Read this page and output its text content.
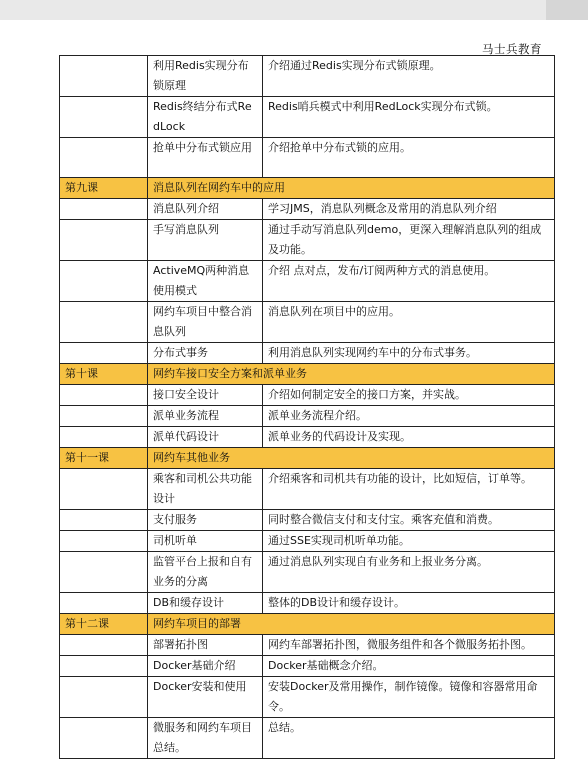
马士兵教育
	利用Redis实现分布锁原理	介绍通过Redis实现分布式锁原理。
	Redis终结分布式RedLock	Redis哨兵模式中利用RedLock实现分布式锁。
	抢单中分布式锁应用	介绍抢单中分布式锁的应用。
第九课	消息队列在网约车中的应用	
	消息队列介绍	学习JMS，消息队列概念及常用的消息队列介绍
	手写消息队列	通过手动写消息队列demo，更深入理解消息队列的组成及功能。
	ActiveMQ两种消息使用模式	介绍 点对点，发布/订阅两种方式的消息使用。
	网约车项目中整合消息队列	消息队列在项目中的应用。
	分布式事务	利用消息队列实现网约车中的分布式事务。
第十课	网约车接口安全方案和派单业务	
	接口安全设计	介绍如何制定安全的接口方案，并实战。
	派单业务流程	派单业务流程介绍。
	派单代码设计	派单业务的代码设计及实现。
第十一课	网约车其他业务	
	乘客和司机公共功能设计	介绍乘客和司机共有功能的设计，比如短信，订单等。
	支付服务	同时整合微信支付和支付宝。乘客充值和消费。
	司机听单	通过SSE实现司机听单功能。
	监管平台上报和自有业务的分离	通过消息队列实现自有业务和上报业务分离。
	DB和缓存设计	整体的DB设计和缓存设计。
第十二课	网约车项目的部署	
	部署拓扑图	网约车部署拓扑图，微服务组件和各个微服务拓扑图。
	Docker基础介绍	Docker基础概念介绍。
	Docker安装和使用	安装Docker及常用操作，制作镜像。镜像和容器常用命令。
	微服务和网约车项目总结。	总结。
